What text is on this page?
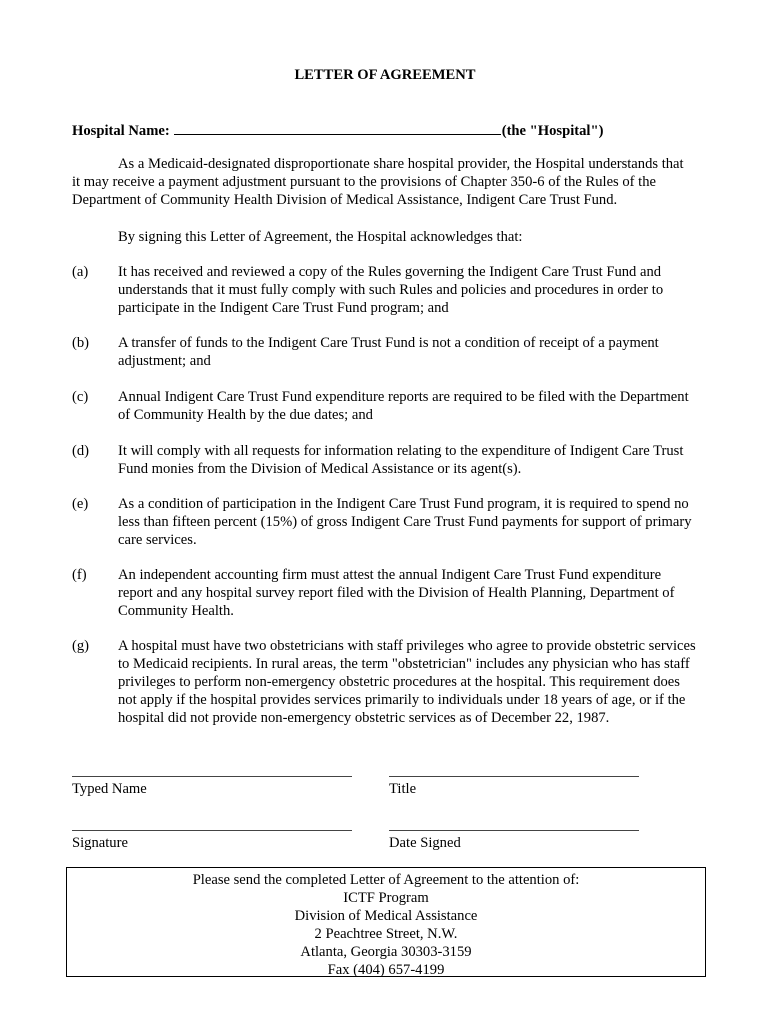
LETTER OF AGREEMENT
Hospital Name:	(the "Hospital")
As a Medicaid-designated disproportionate share hospital provider, the Hospital understands that it may receive a payment adjustment pursuant to the provisions of Chapter 350-6 of the Rules of the Department of Community Health Division of Medical Assistance, Indigent Care Trust Fund.
By signing this Letter of Agreement, the Hospital acknowledges that:
(a) It has received and reviewed a copy of the Rules governing the Indigent Care Trust Fund and understands that it must fully comply with such Rules and policies and procedures in order to participate in the Indigent Care Trust Fund program; and
(b) A transfer of funds to the Indigent Care Trust Fund is not a condition of receipt of a payment adjustment; and
(c) Annual Indigent Care Trust Fund expenditure reports are required to be filed with the Department of Community Health by the due dates; and
(d) It will comply with all requests for information relating to the expenditure of Indigent Care Trust Fund monies from the Division of Medical Assistance or its agent(s).
(e) As a condition of participation in the Indigent Care Trust Fund program, it is required to spend no less than fifteen percent (15%) of gross Indigent Care Trust Fund payments for support of primary care services.
(f) An independent accounting firm must attest the annual Indigent Care Trust Fund expenditure report and any hospital survey report filed with the Division of Health Planning, Department of Community Health.
(g) A hospital must have two obstetricians with staff privileges who agree to provide obstetric services to Medicaid recipients. In rural areas, the term "obstetrician" includes any physician who has staff privileges to perform non-emergency obstetric procedures at the hospital. This requirement does not apply if the hospital provides services primarily to individuals under 18 years of age, or if the hospital did not provide non-emergency obstetric services as of December 22, 1987.
Typed Name	Title
Signature	Date Signed
Please send the completed Letter of Agreement to the attention of:
ICTF Program
Division of Medical Assistance
2 Peachtree Street, N.W.
Atlanta, Georgia 30303-3159
Fax (404) 657-4199
